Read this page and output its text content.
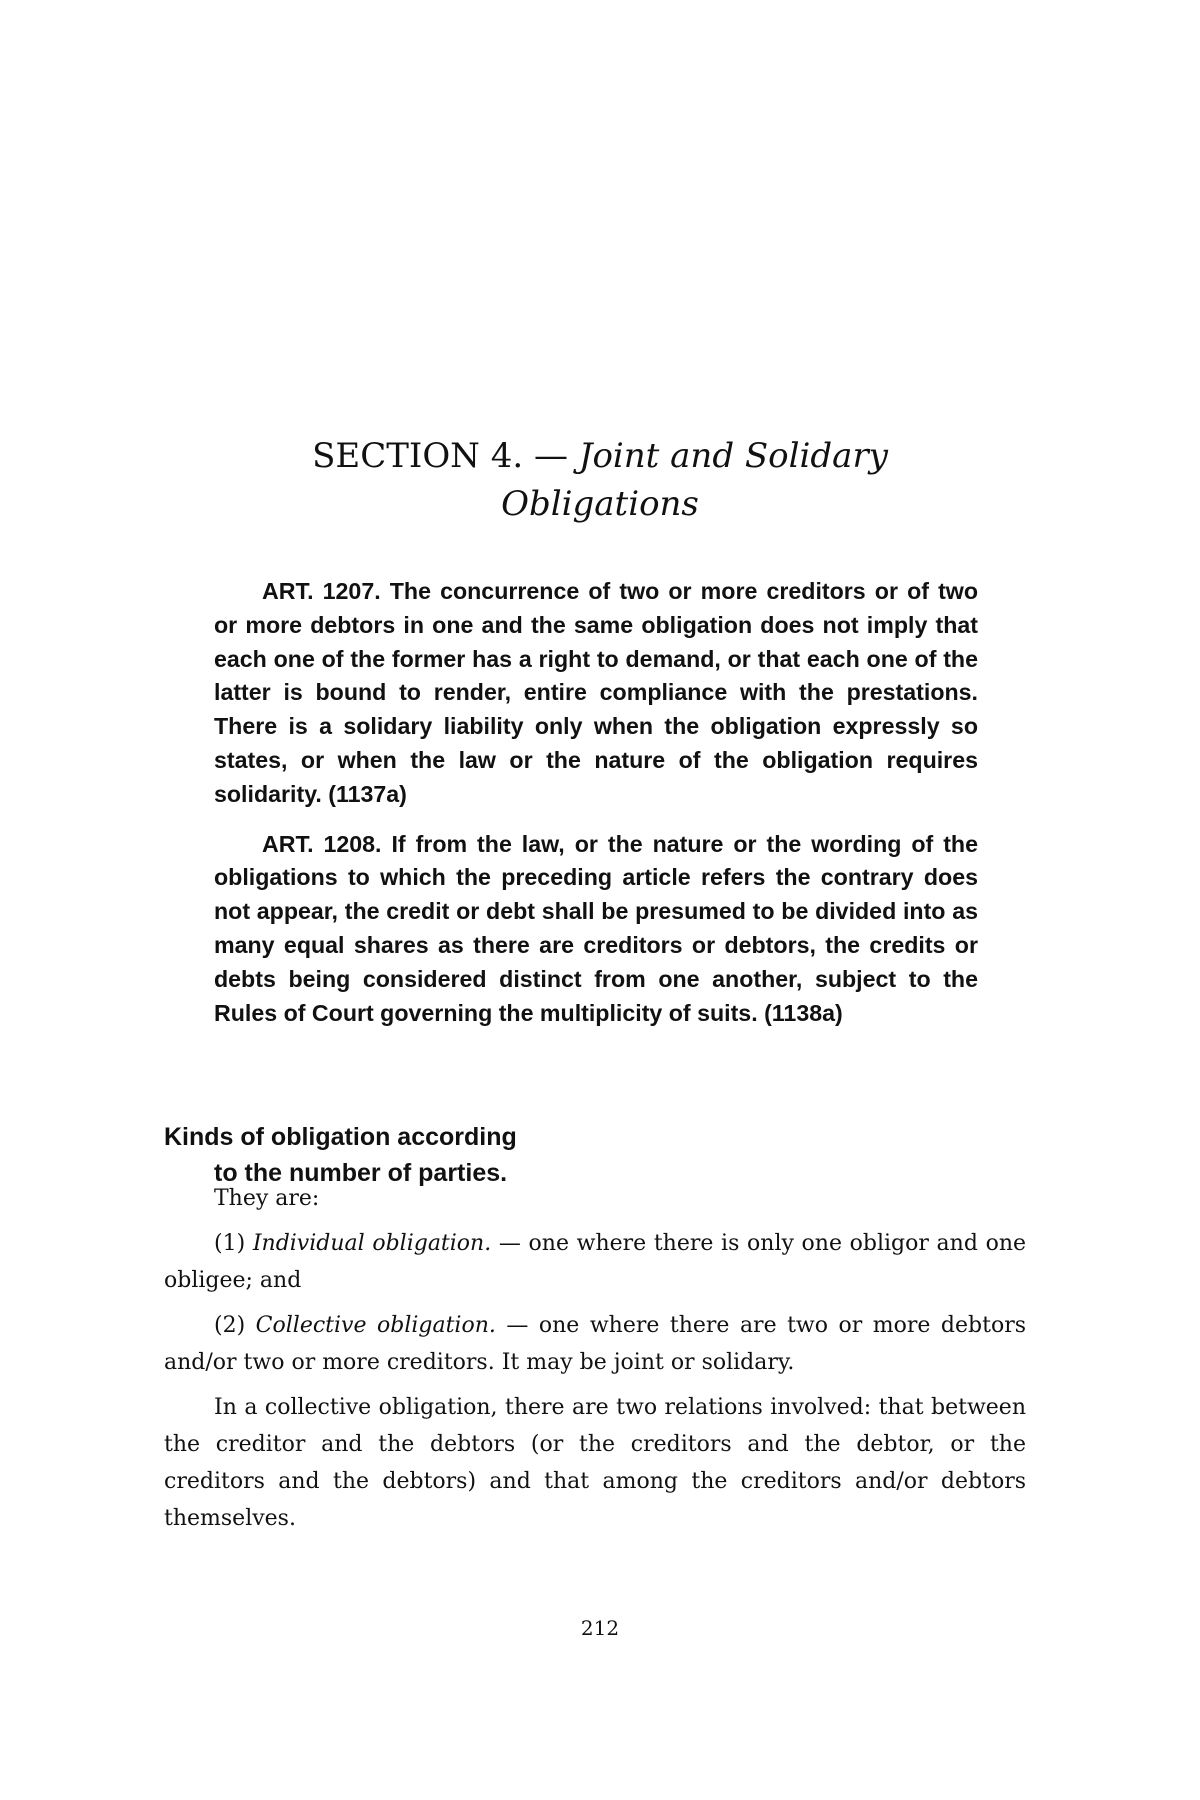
SECTION 4. — Joint and Solidary
Obligations

ART. 1207. The concurrence of two or more creditors or of two or more debtors in one and the same obligation does not imply that each one of the former has a right to demand, or that each one of the latter is bound to render, entire compliance with the prestations. There is a solidary liability only when the obligation expressly so states, or when the law or the nature of the obligation requires solidarity. (1137a)

ART. 1208. If from the law, or the nature or the wording of the obligations to which the preceding article refers the contrary does not appear, the credit or debt shall be presumed to be divided into as many equal shares as there are creditors or debtors, the credits or debts being considered distinct from one another, subject to the Rules of Court governing the multiplicity of suits. (1138a)

Kinds of obligation according
to the number of parties.

They are:

(1) Individual obligation. — one where there is only one obligor and one obligee; and

(2) Collective obligation. — one where there are two or more debtors and/or two or more creditors. It may be joint or solidary.

In a collective obligation, there are two relations involved: that between the creditor and the debtors (or the creditors and the debtor, or the creditors and the debtors) and that among the creditors and/or debtors themselves.

212
